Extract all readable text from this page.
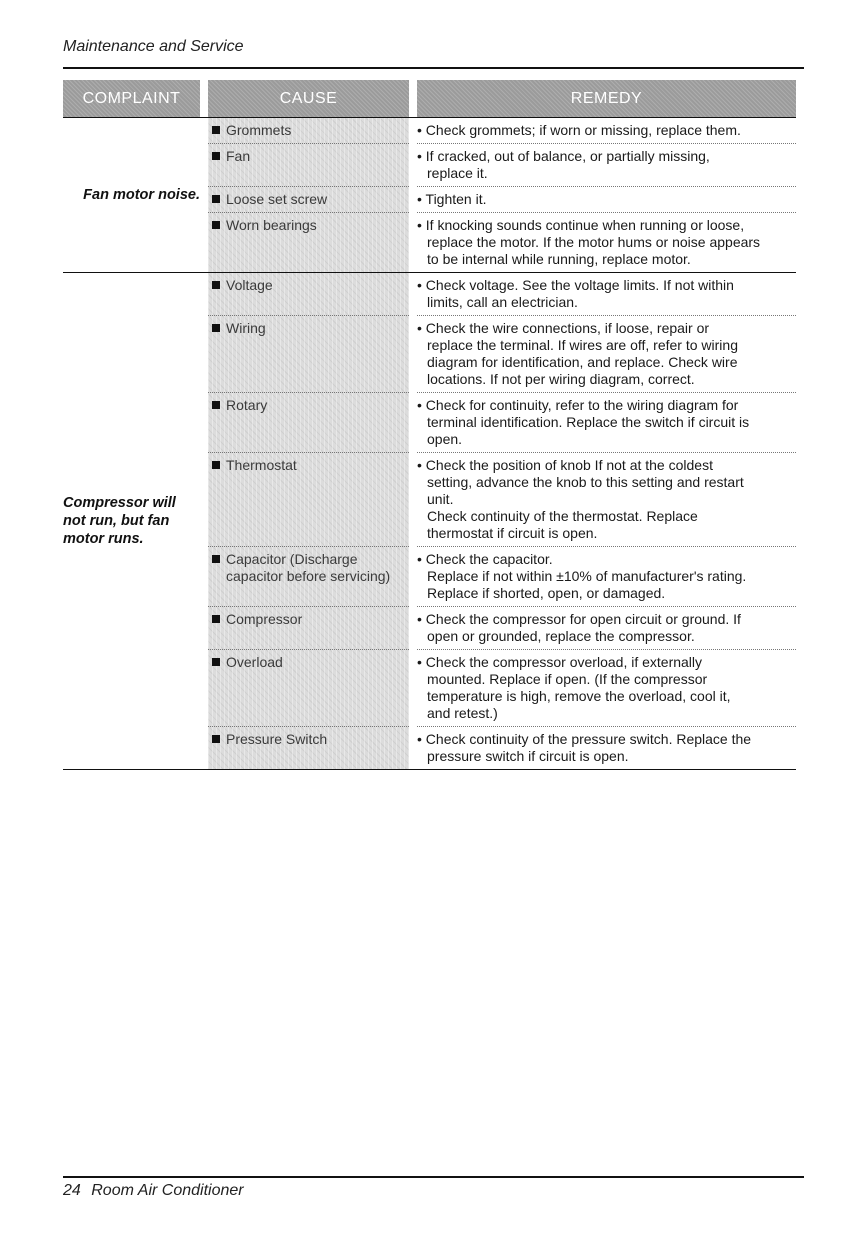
Maintenance and Service
COMPLAINT	CAUSE	REMEDY
Fan motor noise.
Grommets	• Check grommets; if worn or missing, replace them.
Fan	• If cracked, out of balance, or partially missing,
replace it.
Loose set screw	• Tighten it.
Worn bearings	• If knocking sounds continue when running or loose,
replace the motor. If the motor hums or noise appears
to be internal while running, replace motor.
Compressor will
not run, but fan
motor runs.
Voltage	• Check voltage. See the voltage limits. If not within
limits, call an electrician.
Wiring	• Check the wire connections, if loose, repair or
replace the terminal. If wires are off, refer to wiring
diagram for identification, and replace. Check wire
locations. If not per wiring diagram, correct.
Rotary	• Check for continuity, refer to the wiring diagram for
terminal identification. Replace the switch if circuit is
open.
Thermostat	• Check the position of knob If not at the coldest
setting, advance the knob to this setting and restart
unit.
Check continuity of the thermostat. Replace
thermostat if circuit is open.
Capacitor (Discharge
capacitor before servicing)
• Check the capacitor.
Replace if not within ±10% of manufacturer's rating.
Replace if shorted, open, or damaged.
Compressor	• Check the compressor for open circuit or ground. If
open or grounded, replace the compressor.
Overload	• Check the compressor overload, if externally
mounted. Replace if open. (If the compressor
temperature is high, remove the overload, cool it,
and retest.)
Pressure Switch	• Check continuity of the pressure switch. Replace the
pressure switch if circuit is open.
24 Room Air Conditioner
